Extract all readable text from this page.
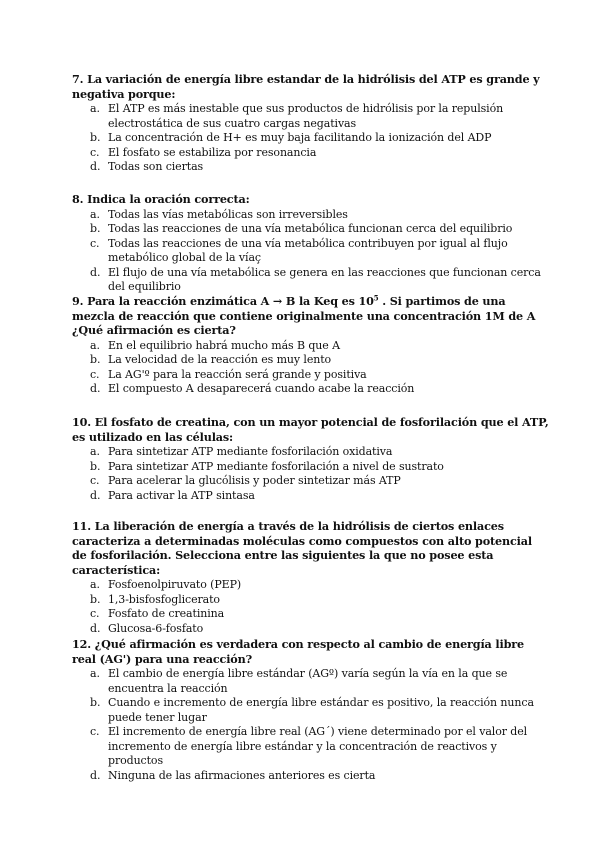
7. La variación de energía libre estandar de la hidrólisis del ATP es grande y negativa porque:

a. El ATP es más inestable que sus productos de hidrólisis por la repulsión electrostática de sus cuatro cargas negativas
b. La concentración de H+ es muy baja facilitando la ionización del ADP
c. El fosfato se estabiliza por resonancia
d. Todas son ciertas

8. Indica la oración correcta:

a. Todas las vías metabólicas son irreversibles
b. Todas las reacciones de una vía metabólica funcionan cerca del equilibrio
c. Todas las reacciones de una vía metabólica contribuyen por igual al flujo metabólico global de la víaç
d. El flujo de una vía metabólica se genera en las reacciones que funcionan cerca del equilibrio

9. Para la reacción enzimática A → B la Keq es $10^5$ . Si partimos de una mezcla de reacción que contiene originalmente una concentración 1M de A ¿Qué afirmación es cierta?

a. En el equilibrio habrá mucho más B que A
b. La velocidad de la reacción es muy lento
c. La AG'º para la reacción será grande y positiva
d. El compuesto A desaparecerá cuando acabe la reacción

10. El fosfato de creatina, con un mayor potencial de fosforilación que el ATP, es utilizado en las células:

a. Para sintetizar ATP mediante fosforilación oxidativa
b. Para sintetizar ATP mediante fosforilación a nivel de sustrato
c. Para acelerar la glucólisis y poder sintetizar más ATP
d. Para activar la ATP sintasa

11. La liberación de energía a través de la hidrólisis de ciertos enlaces caracteriza a determinadas moléculas como compuestos con alto potencial de fosforilación. Selecciona entre las siguientes la que no posee esta característica:

a. Fosfoenolpiruvato (PEP)
b. 1,3-bisfosfoglicerato
c. Fosfato de creatinina
d. Glucosa-6-fosfato

12. ¿Qué afirmación es verdadera con respecto al cambio de energía libre real (AG') para una reacción?

a. El cambio de energía libre estándar (AGº) varía según la vía en la que se encuentra la reacción
b. Cuando e incremento de energía libre estándar es positivo, la reacción nunca puede tener lugar
c. El incremento de energía libre real (AG´) viene determinado por el valor del incremento de energía libre estándar y la concentración de reactivos y productos
d. Ninguna de las afirmaciones anteriores es cierta
